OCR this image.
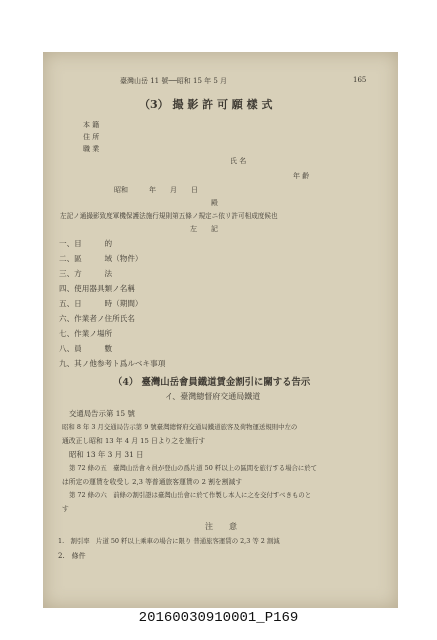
臺灣山岳 11 號──昭和 15 年 5 月	165
（3） 撮 影 許 可 願 樣 式
本 籍
住 所
職 業
氏 名
年 齡
昭和　　　年　　月　　日
殿
左記ノ通撮影致度軍機保護法施行規則第五條ノ規定ニ依リ許可相成度候也
左　　記
一、目　　　的
二、區　　　域（物件）
三、方　　　法
四、使用器具類ノ名稱
五、日　　　時（期間）
六、作業者ノ住所氏名
七、作業ノ場所
八、員　　　數
九、其ノ他参考ト爲ルベキ事項
（4） 臺灣山岳會員鐵道賃金割引に關する告示
イ、臺灣總督府交通局鐵道
交通局告示第 15 號
昭和 8 年 3 月交通局告示第 9 號臺灣總督府交通局鐵道旅客及荷物運送規則中左の
通改正し昭和 13 年 4 月 15 日より之を施行す
昭和 13 年 3 月 31 日
第 72 條の五　臺灣山岳會々員が登山の爲片道 50 粁以上の區間を旅行する場合に於て
は所定の運賃を收受し 2,3 等普通旅客運賃の 2 割を割減す
第 72 條の六　前條の割引證は臺灣山岳會に於て作製し本人に之を交付すべきものと
す
注　　意
1.　割引率　片道 50 粁以上乘車の場合に限り 普通旅客運賃の 2,3 等 2 割減
2.　條件
20160030910001_P169
